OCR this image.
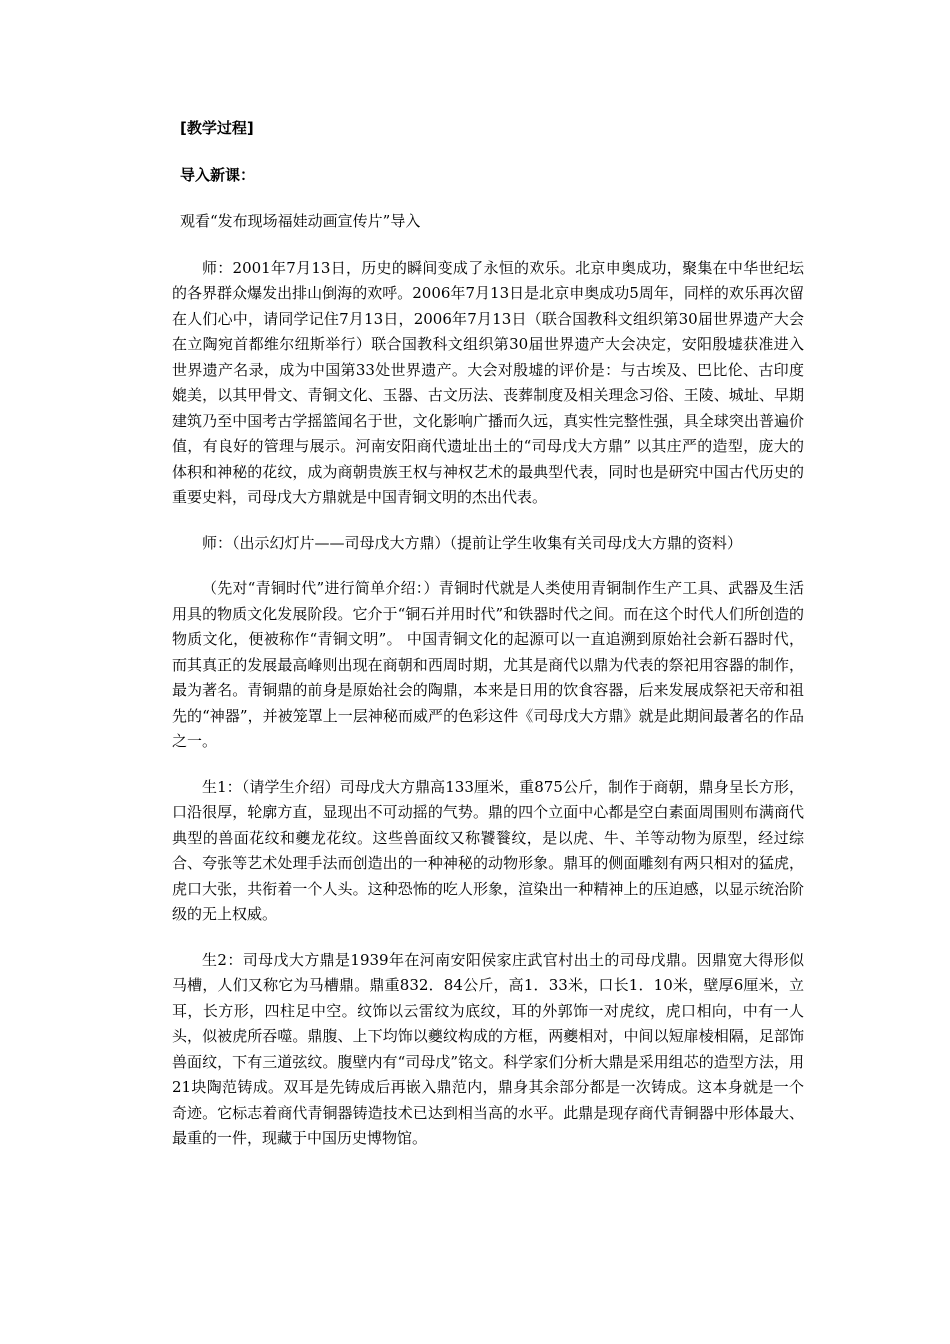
[教学过程]

导入新课：

观看“发布现场福娃动画宣传片”导入

师：2001年7月13日，历史的瞬间变成了永恒的欢乐。北京申奥成功，聚集在中华世纪坛的各界群众爆发出排山倒海的欢呼。2006年7月13日是北京申奥成功5周年，同样的欢乐再次留在人们心中，请同学记住7月13日，2006年7月13日（联合国教科文组织第30届世界遗产大会在立陶宛首都维尔纽斯举行）联合国教科文组织第30届世界遗产大会决定，安阳殷墟获准进入世界遗产名录，成为中国第33处世界遗产。大会对殷墟的评价是：与古埃及、巴比伦、古印度媲美，以其甲骨文、青铜文化、玉器、古文历法、丧葬制度及相关理念习俗、王陵、城址、早期建筑乃至中国考古学摇篮闻名于世，文化影响广播而久远，真实性完整性强，具全球突出普遍价值，有良好的管理与展示。河南安阳商代遗址出土的“司母戊大方鼎” 以其庄严的造型，庞大的体积和神秘的花纹，成为商朝贵族王权与神权艺术的最典型代表，同时也是研究中国古代历史的重要史料，司母戊大方鼎就是中国青铜文明的杰出代表。

师：（出示幻灯片——司母戊大方鼎）（提前让学生收集有关司母戊大方鼎的资料）

（先对“青铜时代”进行简单介绍：）青铜时代就是人类使用青铜制作生产工具、武器及生活用具的物质文化发展阶段。它介于“铜石并用时代”和铁器时代之间。而在这个时代人们所创造的物质文化，便被称作“青铜文明”。 中国青铜文化的起源可以一直追溯到原始社会新石器时代，而其真正的发展最高峰则出现在商朝和西周时期，尤其是商代以鼎为代表的祭祀用容器的制作，最为著名。青铜鼎的前身是原始社会的陶鼎，本来是日用的饮食容器，后来发展成祭祀天帝和祖先的“神器”，并被笼罩上一层神秘而威严的色彩这件《司母戊大方鼎》就是此期间最著名的作品之一。

生1：（请学生介绍）司母戊大方鼎高133厘米，重875公斤，制作于商朝，鼎身呈长方形，口沿很厚，轮廓方直，显现出不可动摇的气势。鼎的四个立面中心都是空白素面周围则布满商代典型的兽面花纹和夔龙花纹。这些兽面纹又称饕餮纹，是以虎、牛、羊等动物为原型，经过综合、夸张等艺术处理手法而创造出的一种神秘的动物形象。鼎耳的侧面雕刻有两只相对的猛虎，虎口大张，共衔着一个人头。这种恐怖的吃人形象，渲染出一种精神上的压迫感，以显示统治阶级的无上权威。

生2：司母戊大方鼎是1939年在河南安阳侯家庄武官村出土的司母戊鼎。因鼎宽大得形似马槽，人们又称它为马槽鼎。鼎重832．84公斤，高1．33米，口长1．10米，壁厚6厘米，立耳，长方形，四柱足中空。纹饰以云雷纹为底纹，耳的外郭饰一对虎纹，虎口相向，中有一人头，似被虎所吞噬。鼎腹、上下均饰以夔纹构成的方框，两夔相对，中间以短扉棱相隔，足部饰兽面纹，下有三道弦纹。腹壁内有“司母戊”铭文。科学家们分析大鼎是采用组芯的造型方法，用21块陶范铸成。双耳是先铸成后再嵌入鼎范内，鼎身其余部分都是一次铸成。这本身就是一个奇迹。它标志着商代青铜器铸造技术已达到相当高的水平。此鼎是现存商代青铜器中形体最大、最重的一件，现藏于中国历史博物馆。
